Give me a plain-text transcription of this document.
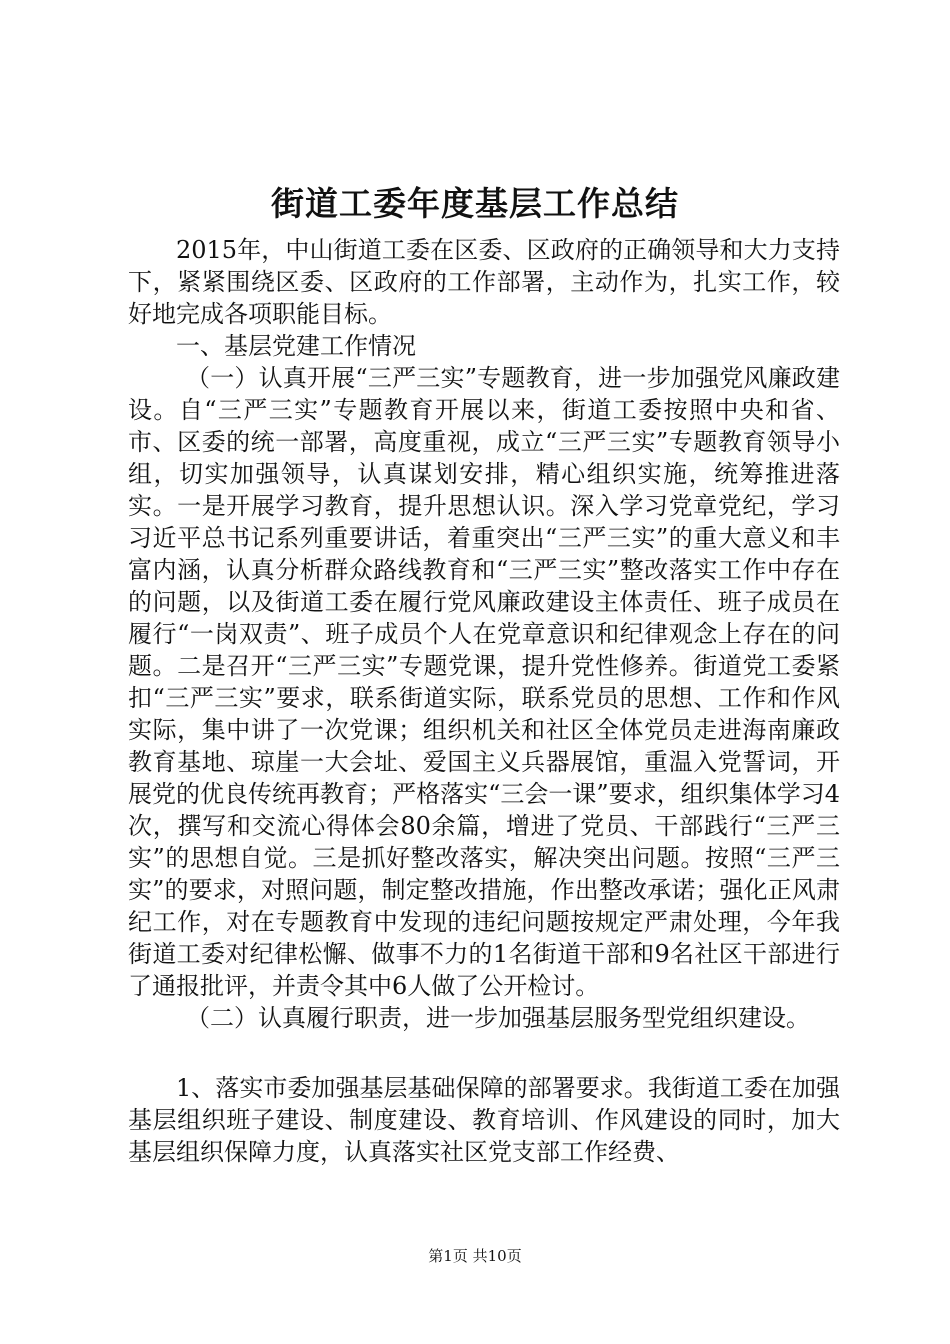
街道工委年度基层工作总结

2015年，中山街道工委在区委、区政府的正确领导和大力支持下，紧紧围绕区委、区政府的工作部署，主动作为，扎实工作，较好地完成各项职能目标。

一、基层党建工作情况

（一）认真开展“三严三实”专题教育，进一步加强党风廉政建设。自“三严三实”专题教育开展以来，街道工委按照中央和省、市、区委的统一部署，高度重视，成立“三严三实”专题教育领导小组，切实加强领导，认真谋划安排，精心组织实施，统筹推进落实。一是开展学习教育，提升思想认识。深入学习党章党纪，学习习近平总书记系列重要讲话，着重突出“三严三实”的重大意义和丰富内涵，认真分析群众路线教育和“三严三实”整改落实工作中存在的问题，以及街道工委在履行党风廉政建设主体责任、班子成员在履行“一岗双责”、班子成员个人在党章意识和纪律观念上存在的问题。二是召开“三严三实”专题党课，提升党性修养。街道党工委紧扣“三严三实”要求，联系街道实际，联系党员的思想、工作和作风实际，集中讲了一次党课；组织机关和社区全体党员走进海南廉政教育基地、琼崖一大会址、爱国主义兵器展馆，重温入党誓词，开展党的优良传统再教育；严格落实“三会一课”要求，组织集体学习4次，撰写和交流心得体会80余篇，增进了党员、干部践行“三严三实”的思想自觉。三是抓好整改落实，解决突出问题。按照“三严三实”的要求，对照问题，制定整改措施，作出整改承诺；强化正风肃纪工作，对在专题教育中发现的违纪问题按规定严肃处理，今年我街道工委对纪律松懈、做事不力的1名街道干部和9名社区干部进行了通报批评，并责令其中6人做了公开检讨。

（二）认真履行职责，进一步加强基层服务型党组织建设。

1、落实市委加强基层基础保障的部署要求。我街道工委在加强基层组织班子建设、制度建设、教育培训、作风建设的同时，加大基层组织保障力度，认真落实社区党支部工作经费、

第1页 共10页
